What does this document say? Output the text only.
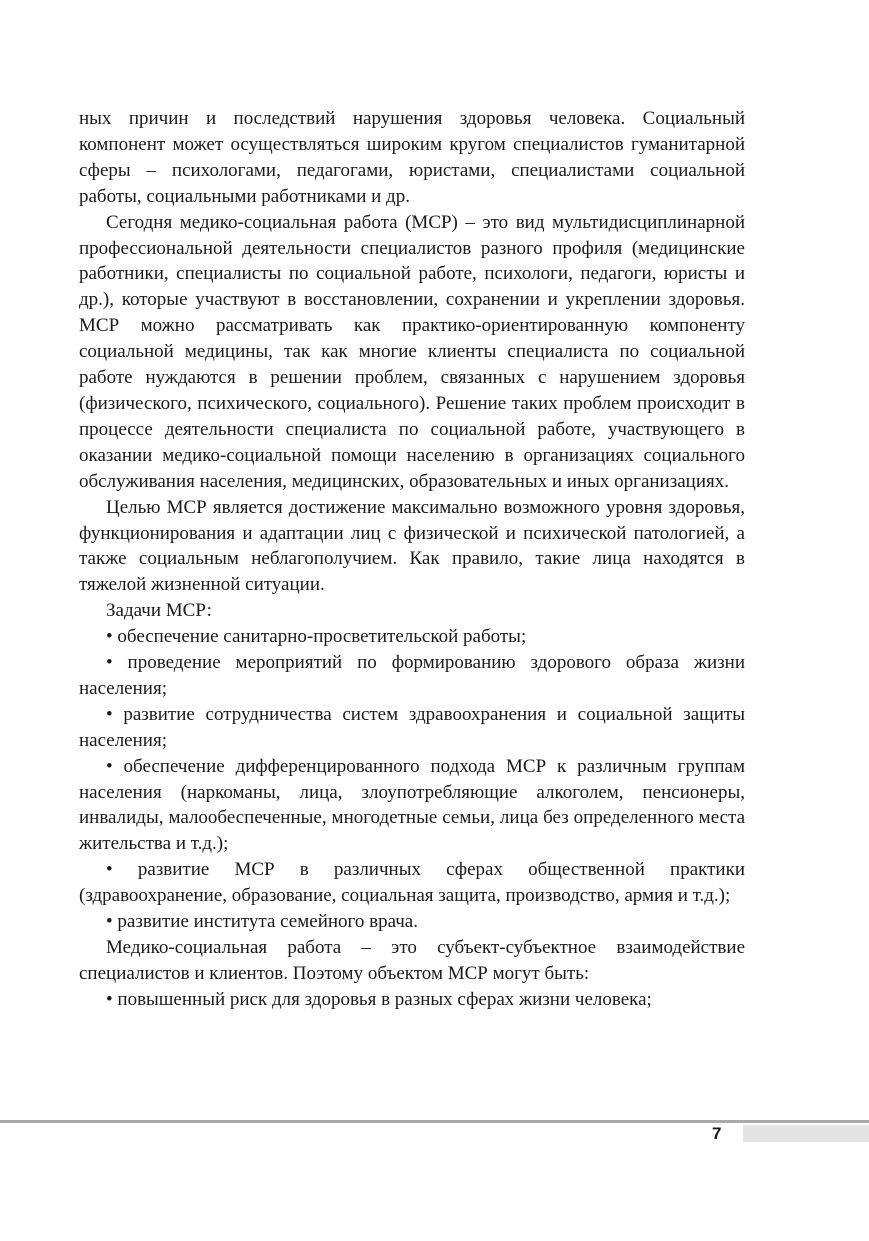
ных причин и последствий нарушения здоровья человека. Социальный компонент может осуществляться широким кругом специалистов гуманитарной сферы – психологами, педагогами, юристами, специалистами социальной работы, социальными работниками и др.

Сегодня медико-социальная работа (МСР) – это вид мультидисциплинарной профессиональной деятельности специалистов разного профиля (медицинские работники, специалисты по социальной работе, психологи, педагоги, юристы и др.), которые участвуют в восстановлении, сохранении и укреплении здоровья. МСР можно рассматривать как практико-ориентированную компоненту социальной медицины, так как многие клиенты специалиста по социальной работе нуждаются в решении проблем, связанных с нарушением здоровья (физического, психического, социального). Решение таких проблем происходит в процессе деятельности специалиста по социальной работе, участвующего в оказании медико-социальной помощи населению в организациях социального обслуживания населения, медицинских, образовательных и иных организациях.

Целью МСР является достижение максимально возможного уровня здоровья, функционирования и адаптации лиц с физической и психической патологией, а также социальным неблагополучием. Как правило, такие лица находятся в тяжелой жизненной ситуации.

Задачи МСР:

• обеспечение санитарно-просветительской работы;

• проведение мероприятий по формированию здорового образа жизни населения;

• развитие сотрудничества систем здравоохранения и социальной защиты населения;

• обеспечение дифференцированного подхода МСР к различным группам населения (наркоманы, лица, злоупотребляющие алкоголем, пенсионеры, инвалиды, малообеспеченные, многодетные семьи, лица без определенного места жительства и т.д.);

• развитие МСР в различных сферах общественной практики (здравоохранение, образование, социальная защита, производство, армия и т.д.);

• развитие института семейного врача.

Медико-социальная работа – это субъект-субъектное взаимодействие специалистов и клиентов. Поэтому объектом МСР могут быть:

• повышенный риск для здоровья в разных сферах жизни человека;

7
